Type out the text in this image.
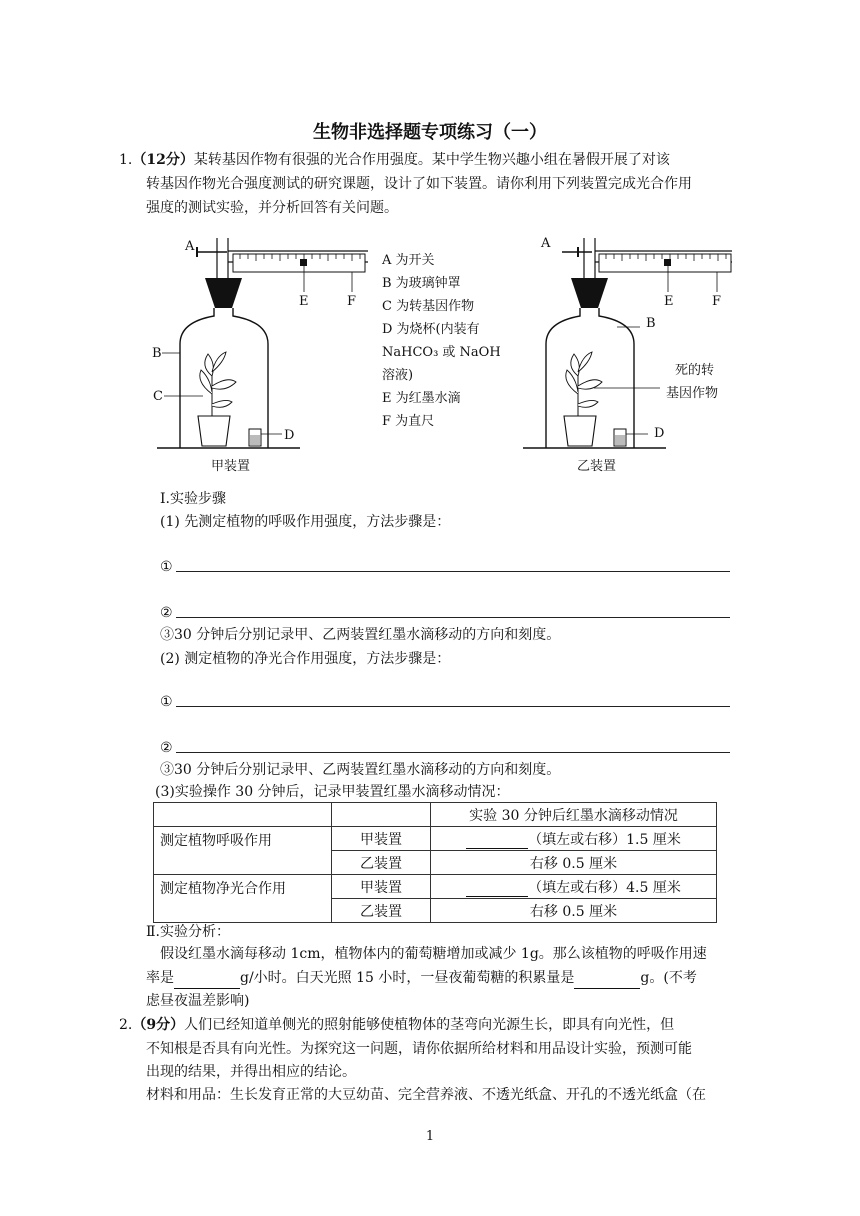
生物非选择题专项练习（一）
1.（12分）某转基因作物有很强的光合作用强度。某中学生物兴趣小组在暑假开展了对该
转基因作物光合强度测试的研究课题，设计了如下装置。请你利用下列装置完成光合作用
强度的测试实验，并分析回答有关问题。
A
E	F
B
C
D
甲装置
A 为开关
B 为玻璃钟罩
C 为转基因作物
D 为烧杯(内装有
NaHCO₃ 或 NaOH
溶液)
E 为红墨水滴
F 为直尺
A
E	F
B
死的转
基因作物
D
乙装置
Ⅰ.实验步骤
(1) 先测定植物的呼吸作用强度，方法步骤是：
①
②
③30 分钟后分别记录甲、乙两装置红墨水滴移动的方向和刻度。
(2) 测定植物的净光合作用强度，方法步骤是：
①
②
③30 分钟后分别记录甲、乙两装置红墨水滴移动的方向和刻度。
(3)实验操作 30 分钟后，记录甲装置红墨水滴移动情况：
		实验 30 分钟后红墨水滴移动情况
测定植物呼吸作用	甲装置	（填左或右移）1.5 厘米
	乙装置	右移 0.5 厘米
测定植物净光合作用	甲装置	（填左或右移）4.5 厘米
	乙装置	右移 0.5 厘米
Ⅱ.实验分析：
假设红墨水滴每移动 1cm，植物体内的葡萄糖增加或减少 1g。那么该植物的呼吸作用速
率是	g/小时。白天光照 15 小时，一昼夜葡萄糖的积累量是	g。(不考
虑昼夜温差影响)
2.（9分）人们已经知道单侧光的照射能够使植物体的茎弯向光源生长，即具有向光性，但
不知根是否具有向光性。为探究这一问题，请你依据所给材料和用品设计实验，预测可能
出现的结果，并得出相应的结论。
材料和用品：生长发育正常的大豆幼苗、完全营养液、不透光纸盒、开孔的不透光纸盒（在
1
